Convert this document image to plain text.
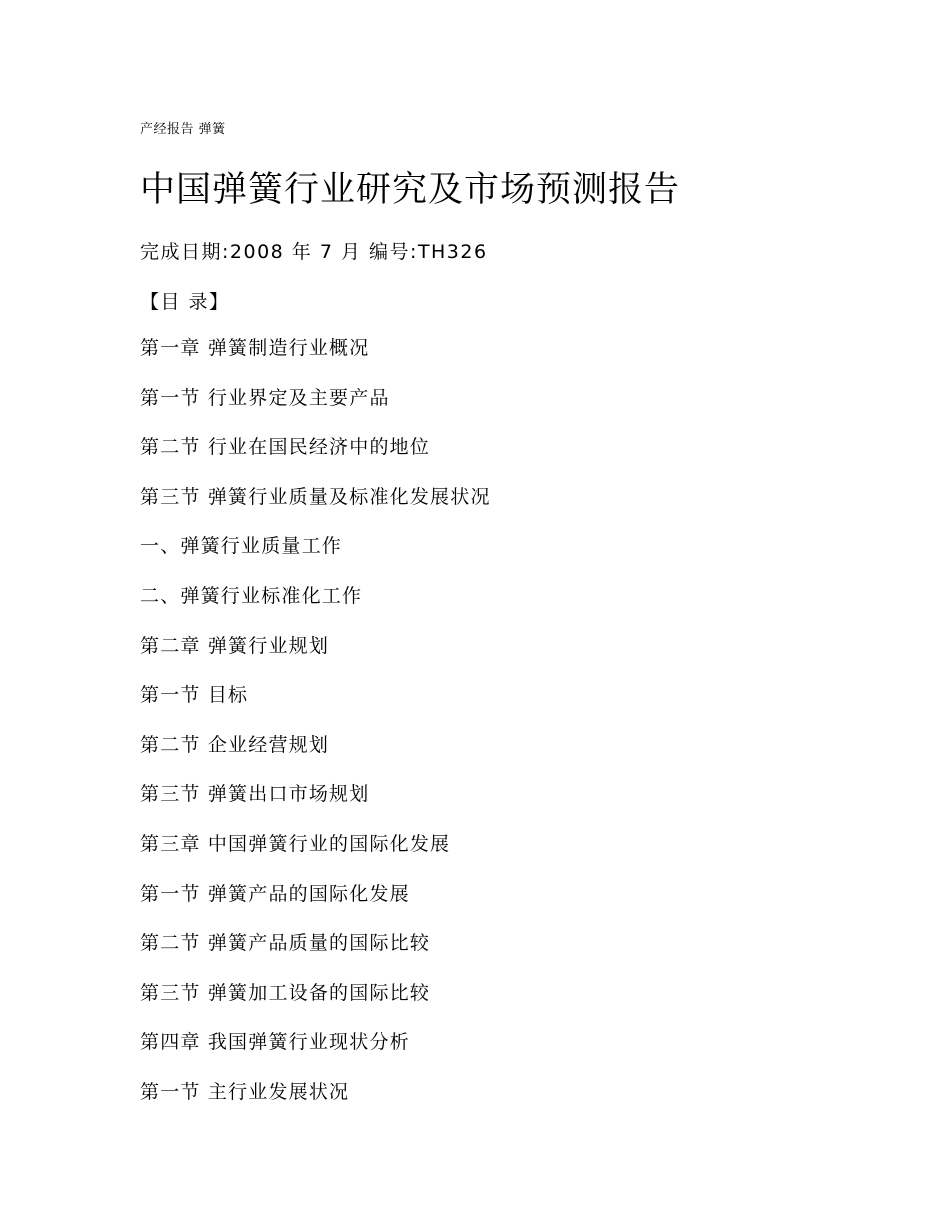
产经报告 弹簧
中国弹簧行业研究及市场预测报告
完成日期:2008 年 7 月 编号:TH326
【目 录】
第一章 弹簧制造行业概况
第一节 行业界定及主要产品
第二节 行业在国民经济中的地位
第三节 弹簧行业质量及标准化发展状况
一、弹簧行业质量工作
二、弹簧行业标准化工作
第二章 弹簧行业规划
第一节 目标
第二节 企业经营规划
第三节 弹簧出口市场规划
第三章 中国弹簧行业的国际化发展
第一节 弹簧产品的国际化发展
第二节 弹簧产品质量的国际比较
第三节 弹簧加工设备的国际比较
第四章 我国弹簧行业现状分析
第一节 主行业发展状况
